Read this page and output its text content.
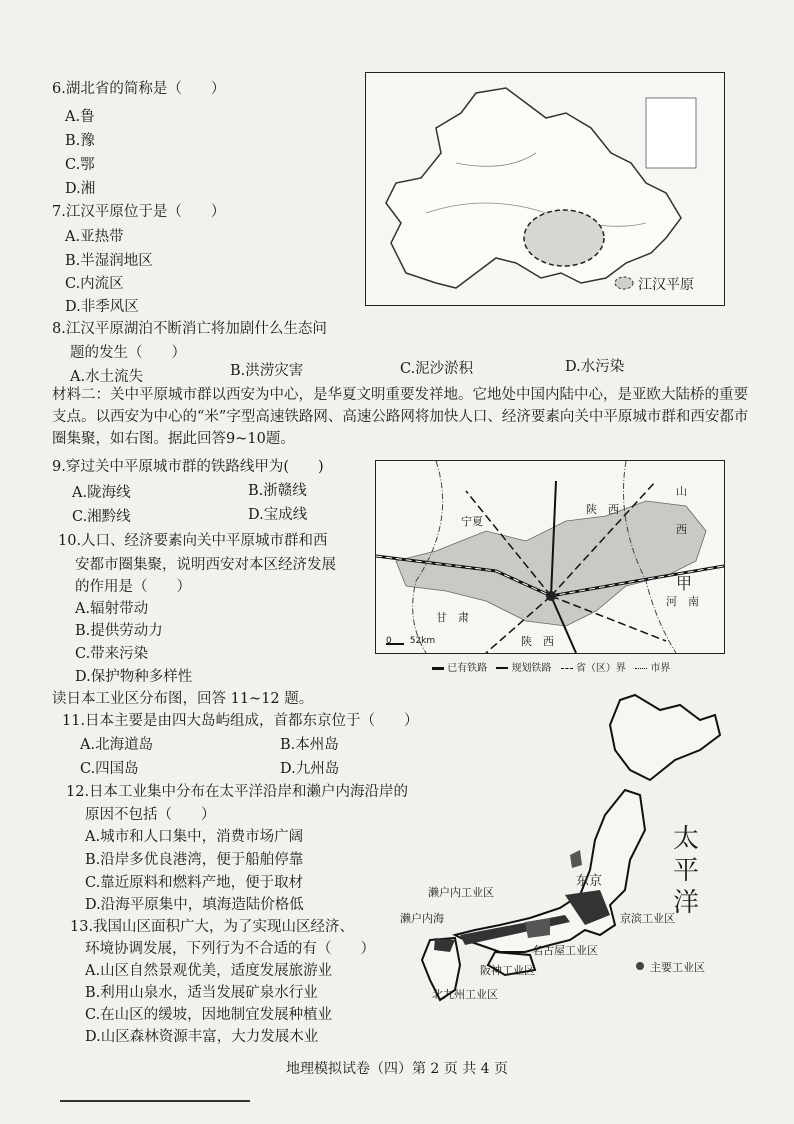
6.湖北省的简称是（　　）
A.鲁
B.豫
C.鄂
D.湘
7.江汉平原位于是（　　）
A.亚热带
B.半湿润地区
C.内流区
D.非季风区
江汉平原
8.江汉平原湖泊不断消亡将加剧什么生态问
题的发生（　　）
A.水土流失	B.洪涝灾害	C.泥沙淤积	D.水污染
材料二：关中平原城市群以西安为中心，是华夏文明重要发祥地。它地处中国内陆中心，是亚欧大陆桥的重要支点。以西安为中心的“米”字型高速铁路网、高速公路网将加快人口、经济要素向关中平原城市群和西安都市圈集聚，如右图。据此回答9~10题。
9.穿过关中平原城市群的铁路线甲为(　　)
A.陇海线	B.浙赣线
C.湘黔线	D.宝成线
10.人口、经济要素向关中平原城市群和西
安都市圈集聚，说明西安对本区经济发展
的作用是（　　）
A.辐射带动
B.提供劳动力
C.带来污染
D.保护物种多样性
宁夏
陕　西
山
西
甲
河　南
甘　肃
陕　西
0　　52km
已有铁路 规划铁路 省（区）界 市界
读日本工业区分布图，回答 11~12 题。
11.日本主要是由四大岛屿组成，首都东京位于（　　）
A.北海道岛	B.本州岛
C.四国岛	D.九州岛
12.日本工业集中分布在太平洋沿岸和濑户内海沿岸的
原因不包括（　　）
A.城市和人口集中，消费市场广阔
B.沿岸多优良港湾，便于船舶停靠
C.靠近原料和燃料产地，便于取材
D.沿海平原集中，填海造陆价格低
13.我国山区面积广大，为了实现山区经济、
环境协调发展，下列行为不合适的有（　　）
A.山区自然景观优美，适度发展旅游业
B.利用山泉水，适当发展矿泉水行业
C.在山区的缓坡，因地制宜发展种植业
D.山区森林资源丰富，大力发展木业
太
平
洋
东京
濑户内工业区
濑户内海	京滨工业区
名古屋工业区
阪神工业区
北九州工业区
主要工业区
地理模拟试卷（四）第 2 页 共 4 页
